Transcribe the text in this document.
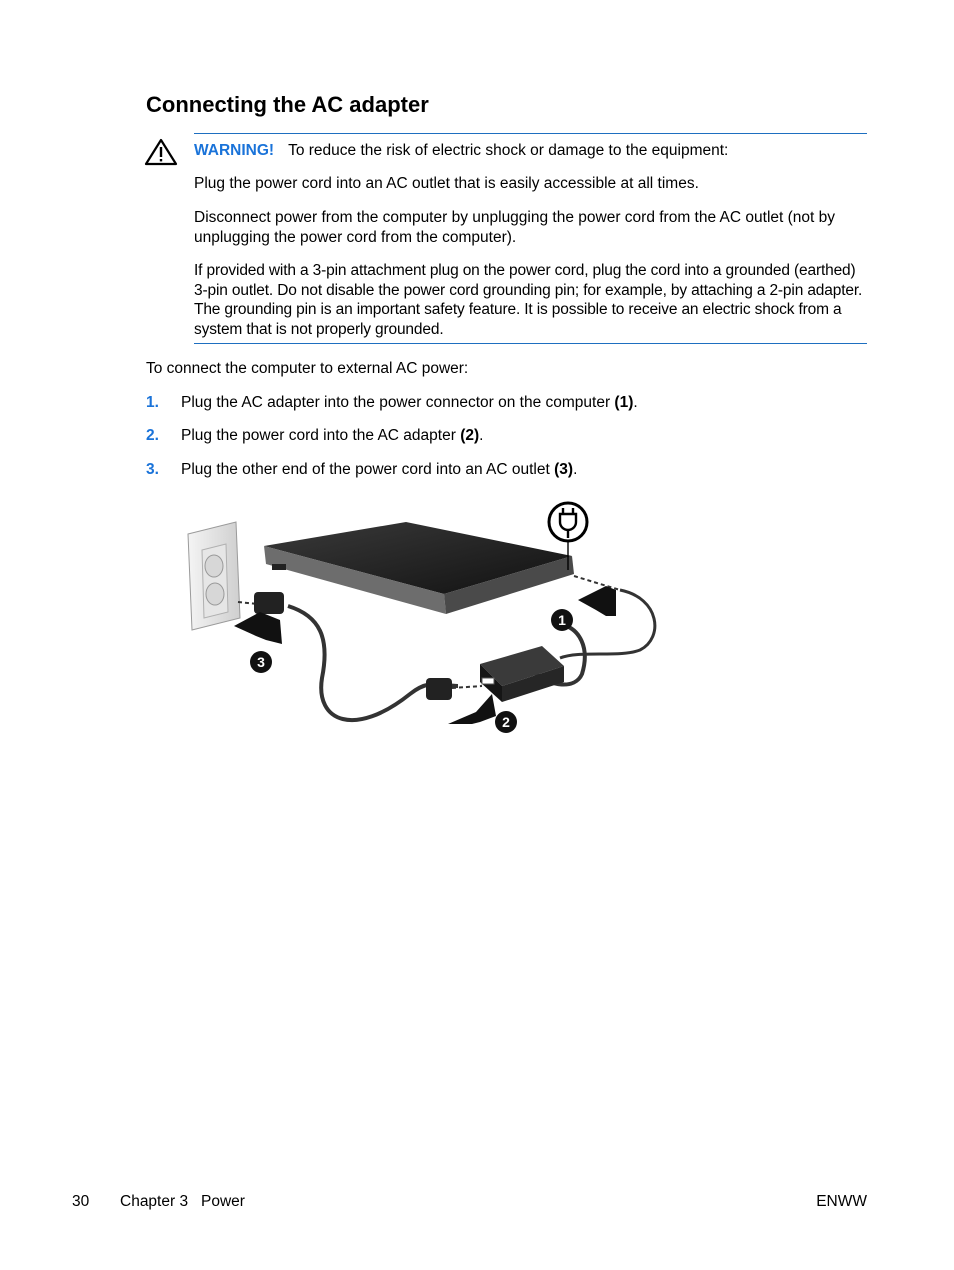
Connecting the AC adapter

WARNING! To reduce the risk of electric shock or damage to the equipment:

Plug the power cord into an AC outlet that is easily accessible at all times.

Disconnect power from the computer by unplugging the power cord from the AC outlet (not by unplugging the power cord from the computer).

If provided with a 3-pin attachment plug on the power cord, plug the cord into a grounded (earthed) 3-pin outlet. Do not disable the power cord grounding pin; for example, by attaching a 2-pin adapter. The grounding pin is an important safety feature. It is possible to receive an electric shock from a system that is not properly grounded.

To connect the computer to external AC power:

1. Plug the AC adapter into the power connector on the computer (1).
2. Plug the power cord into the AC adapter (2).
3. Plug the other end of the power cord into an AC outlet (3).
1
2
3
30 Chapter 3   Power	ENWW
